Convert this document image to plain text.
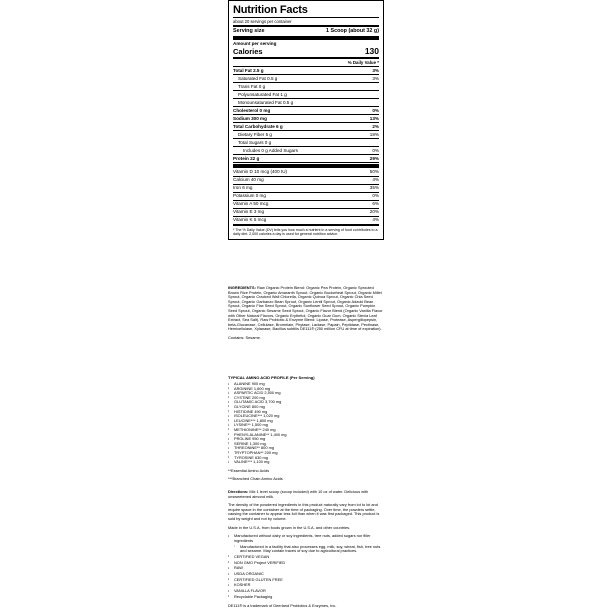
Nutrition Facts
about 20 servings per container
Serving size	1 Scoop (about 32 g)
Amount per serving
Calories	130
% Daily Value *
Total Fat 2.5 g	3%
Saturated Fat 0.5 g	3%
Trans Fat 0 g
Polyunsaturated Fat 1 g
Monounsaturated Fat 0.5 g
Cholesterol 0 mg	0%
Sodium 300 mg	13%
Total Carbohydrate 6 g	2%
Dietary Fiber 5 g	18%
Total Sugars 0 g
Includes 0 g Added Sugars	0%
Protein 22 g	29%
Vitamin D 10 mcg (400 IU)	50%
Calcium 40 mg	4%
Iron 6 mg	35%
Potassium 0 mg	0%
Vitamin A 50 mcg	6%
Vitamin E 3 mg	20%
Vitamin K 5 mcg	4%
* The % Daily Value (DV) tells you how much a nutrient in a serving of food contributes to a daily diet. 2,000 calories a day is used for general nutrition advice.

INGREDIENTS: Raw Organic Protein Blend: Organic Pea Protein, Organic Sprouted Brown Rice Protein, Organic Amaranth Sprout, Organic Buckwheat Sprout, Organic Millet Sprout, Organic Cracked Wall Chlorella, Organic Quinoa Sprout, Organic Chia Seed Sprout, Organic Garbanzo Bean Sprout, Organic Lentil Sprout, Organic Adzuki Bean Sprout, Organic Flax Seed Sprout, Organic Sunflower Seed Sprout, Organic Pumpkin Seed Sprout, Organic Sesame Seed Sprout, Organic Flavor Blend (Organic Vanilla Flavor with Other Natural Flavors, Organic Erythritol, Organic Guar Gum, Organic Stevia Leaf Extract, Sea Salt), Raw Probiotic & Enzyme Blend: Lipase, Protease, Aspergillopepsin, beta-Glucanase, Cellulase, Bromelain, Phytase, Lactase, Papain, Peptidase, Pectinase, Hemicellulase, Xylanase, Bacillus subtilis DE111® (250 million CFU at time of expiration).

Contains: Sesame.

TYPICAL AMINO ACID PROFILE (Per Serving)
▪ ALANINE 900 mg
▪ ARGININE 1,600 mg
▪ ASPARTIC ACID 2,500 mg
▪ CYSTINE 200 mg
▪ GLUTAMIC ACID 3,700 mg
▪ GLYCINE 800 mg
▪ HISTIDINE 490 mg
▪ ISOLEUCINE*** 1,020 mg
▪ LEUCINE*** 1,800 mg
▪ LYSINE** 1,500 mg
▪ METHIONINE** 240 mg
▪ PHENYLALANINE** 1,400 mg
▪ PROLINE 950 mg
▪ SERINE 1,300 mg
▪ THREONINE** 800 mg
▪ TRYPTOPHAN** 200 mg
▪ TYROSINE 630 mg
▪ VALINE*** 1,100 mg

**Essential Amino Acids

***Branched Chain Amino Acids

Directions: Mix 1 level scoop (scoop included) with 10 oz of water. Delicious with unsweetened almond milk.

The density of the powdered ingredients in this product naturally vary from lot to lot and require space in the container at the time of packaging. Over time, the powders settle, causing the container to appear less full than when it was first packaged. This product is sold by weight and not by volume.

Made in the U.S.A. from foods grown in the U.S.A. and other countries.

▪ Manufactured without dairy or soy ingredients, tree nuts, added sugars nor filler ingredients
▫ Manufactured in a facility that also processes egg, milk, soy, wheat, fish, tree nuts and sesame. May contain traces of soy due to agricultural practices.
▪ CERTIFIED VEGAN
▪ NON GMO Project VERIFIED
▪ RAW
▪ USDA ORGANIC
▪ CERTIFIED GLUTEN FREE
▪ KOSHER
▪ VANILLA FLAVOR
▪ Recyclable Packaging

DE111® is a trademark of Deerland Probiotics & Enzymes, Inc.
